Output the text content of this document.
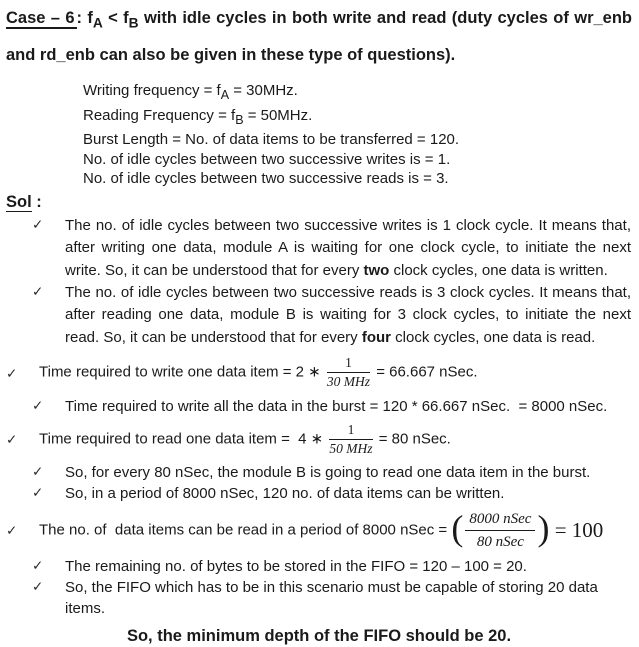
Case – 6 : $f_A < f_B$ with idle cycles in both write and read (duty cycles of wr_enb
and rd_enb can also be given in these type of questions).
Writing frequency = $f_A = 30MHz$.
Reading Frequency = $f_B = 50MHz$.
Burst Length = No. of data items to be transferred = 120.
No. of idle cycles between two successive writes is = 1.
No. of idle cycles between two successive reads is = 3.
Sol :
✓	The no. of idle cycles between two successive writes is 1 clock cycle. It means that, after writing one data, module A is waiting for one clock cycle, to initiate the next write. So, it can be understood that for every two clock cycles, one data is written.
✓	The no. of idle cycles between two successive reads is 3 clock cycles. It means that, after reading one data, module B is waiting for 3 clock cycles, to initiate the next read. So, it can be understood that for every four clock cycles, one data is read.
✓	Time required to write one data item = 2 ∗ $\frac{1}{\text{30 MHz}} = 66.667$ nSec.
✓	Time required to write all the data in the burst = 120 * 66.667 nSec.  = 8000 nSec.
✓	Time required to read one data item =  4 ∗ $\frac{1}{\text{50 MHz}} = 80$ nSec.
✓	So, for every 80 nSec, the module B is going to read one data item in the burst.
✓	So, in a period of 8000 nSec, 120 no. of data items can be written.
✓	The no. of  data items can be read in a period of 8000 nSec = ( $\frac{\text{8000 nSec}}{\text{80 nSec}}$ ) = 100
✓	The remaining no. of bytes to be stored in the FIFO = 120 – 100 = 20.
✓	So, the FIFO which has to be in this scenario must be capable of storing 20 data items.
So, the minimum depth of the FIFO should be 20.
